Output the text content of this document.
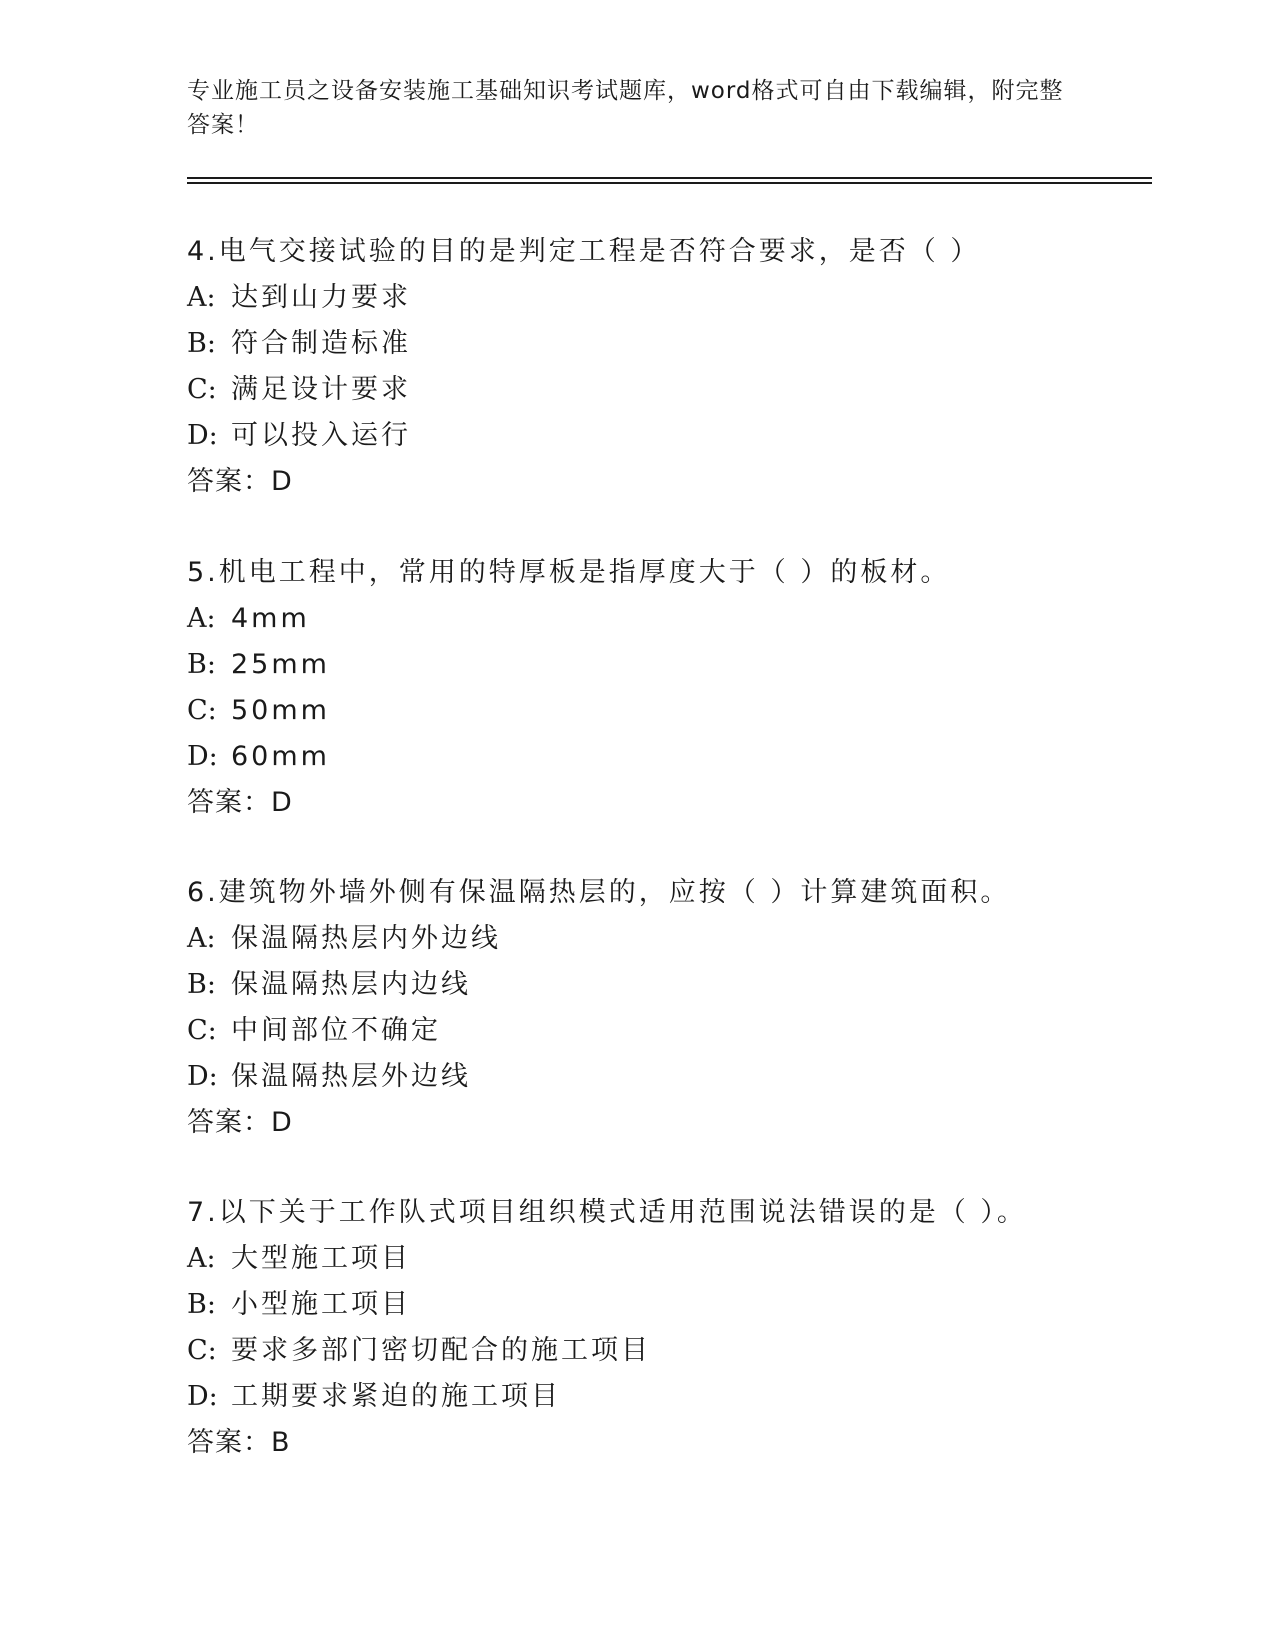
专业施工员之设备安装施工基础知识考试题库，word格式可自由下载编辑，附完整答案！
4.电气交接试验的目的是判定工程是否符合要求，是否（ ）
A: 达到山力要求
B: 符合制造标准
C: 满足设计要求
D: 可以投入运行
答案：D
5.机电工程中，常用的特厚板是指厚度大于（ ）的板材。
A: 4mm
B: 25mm
C: 50mm
D: 60mm
答案：D
6.建筑物外墙外侧有保温隔热层的，应按（ ）计算建筑面积。
A: 保温隔热层内外边线
B: 保温隔热层内边线
C: 中间部位不确定
D: 保温隔热层外边线
答案：D
7.以下关于工作队式项目组织模式适用范围说法错误的是（ ）。
A: 大型施工项目
B: 小型施工项目
C: 要求多部门密切配合的施工项目
D: 工期要求紧迫的施工项目
答案：B
